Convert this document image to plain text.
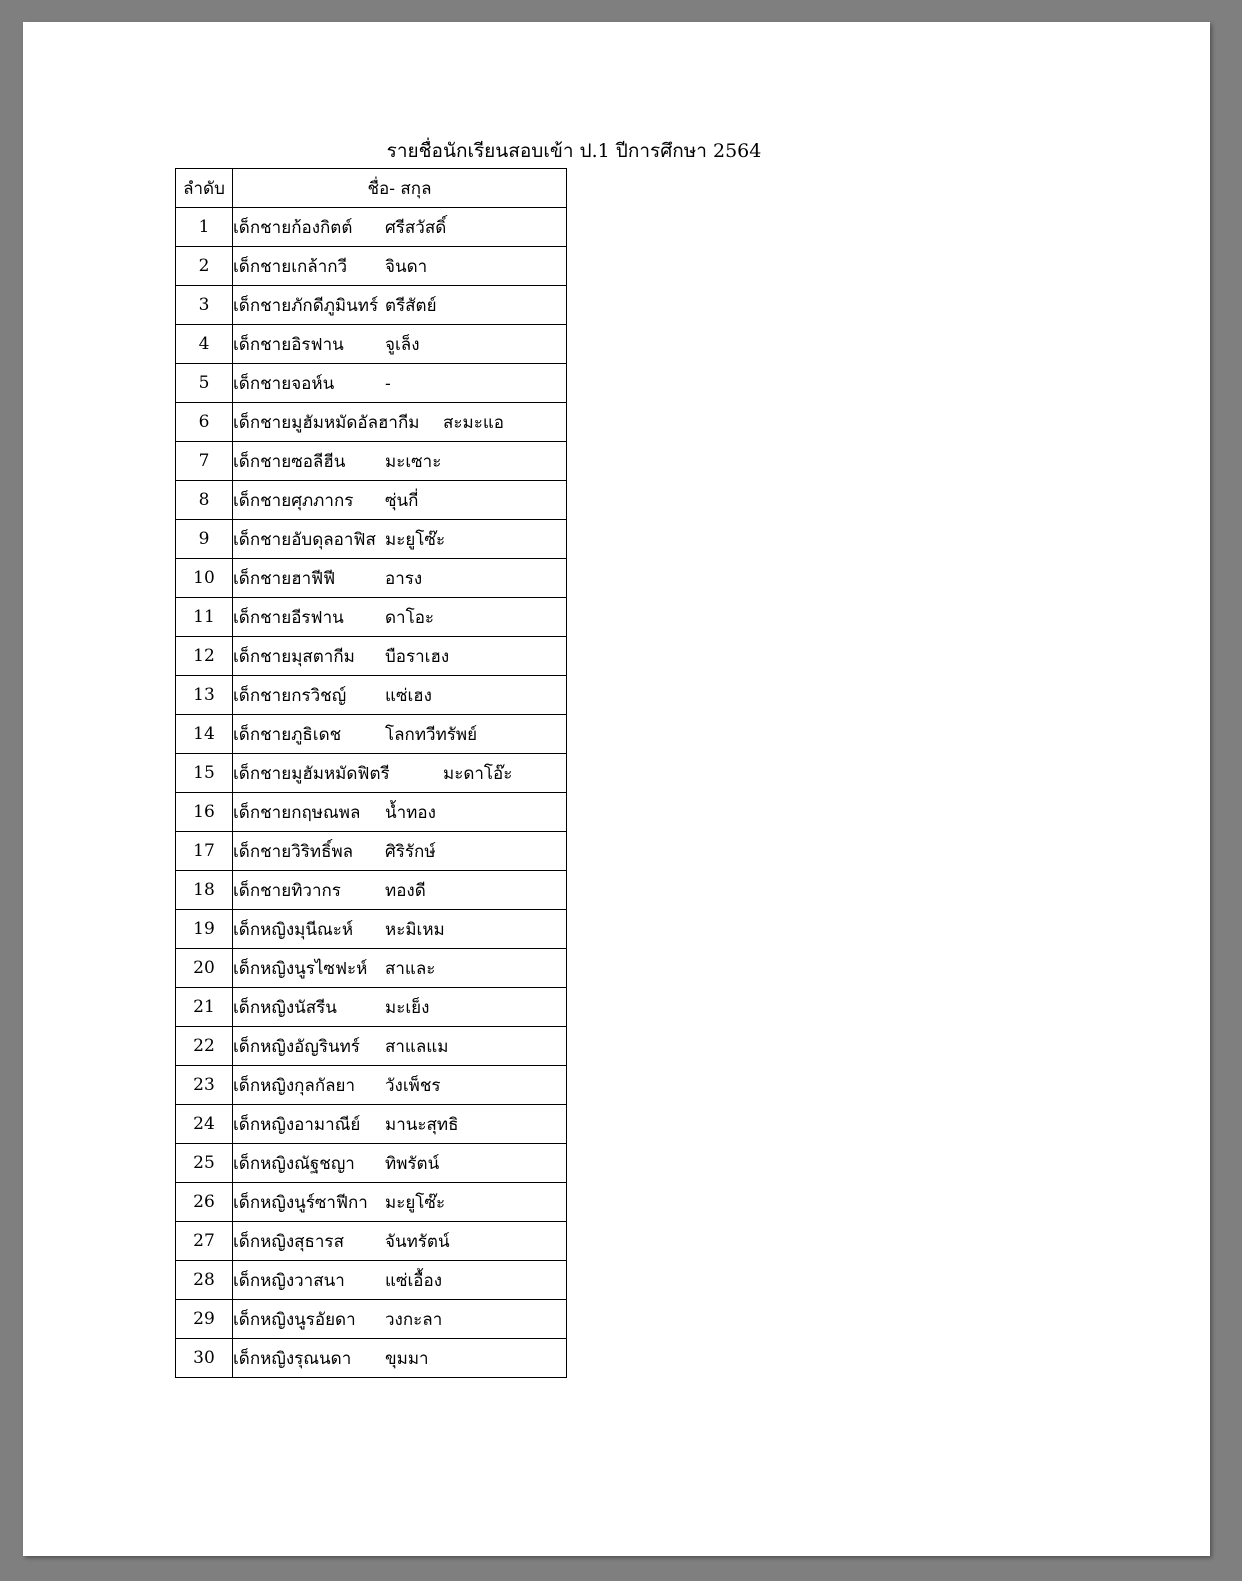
รายชื่อนักเรียนสอบเข้า ป.1 ปีการศึกษา 2564
ลำดับ	ชื่อ- สกุล
1	เด็กชายก้องกิตต์ ศรีสวัสดิ์
2	เด็กชายเกล้ากวี จินดา
3	เด็กชายภักดีภูมินทร์ ตรีสัตย์
4	เด็กชายอิรฟาน จูเล็ง
5	เด็กชายจอห์น -
6	เด็กชายมูฮัมหมัดอัลฮากีม สะมะแอ
7	เด็กชายซอลีฮีน มะเซาะ
8	เด็กชายศุภภากร ซุ่นกี่
9	เด็กชายอับดุลอาฟิส มะยูโซ๊ะ
10	เด็กชายฮาฟีฟี อารง
11	เด็กชายอีรฟาน ดาโอะ
12	เด็กชายมุสตากีม บือราเฮง
13	เด็กชายกรวิชญ์ แซ่เฮง
14	เด็กชายภูธิเดช โลกทวีทรัพย์
15	เด็กชายมูฮัมหมัดฟิตรี มะดาโอ๊ะ
16	เด็กชายกฤษณพล น้ำทอง
17	เด็กชายวิริทธิ์พล ศิริรักษ์
18	เด็กชายทิวากร ทองดี
19	เด็กหญิงมุนีณะห์ หะมิเหม
20	เด็กหญิงนูรไซฟะห์ สาและ
21	เด็กหญิงนัสรีน มะเย็ง
22	เด็กหญิงอัญรินทร์ สาแลแม
23	เด็กหญิงกุลกัลยา วังเพ็ชร
24	เด็กหญิงอามาณีย์ มานะสุทธิ
25	เด็กหญิงณัฐชญา ทิพรัตน์
26	เด็กหญิงนูร์ซาฟีกา มะยูโซ๊ะ
27	เด็กหญิงสุธารส จันทรัตน์
28	เด็กหญิงวาสนา แซ่เอื้อง
29	เด็กหญิงนูรอัยดา วงกะลา
30	เด็กหญิงรุณนดา ขุมมา
